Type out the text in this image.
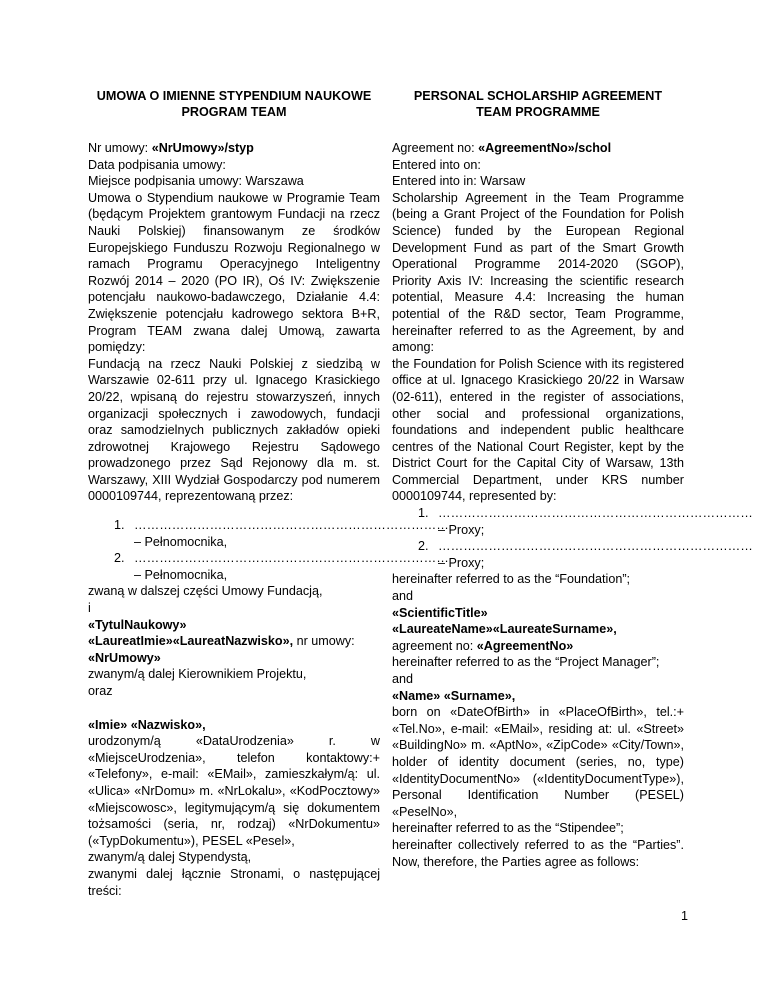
UMOWA O IMIENNE STYPENDIUM NAUKOWE
PROGRAM TEAM

Nr umowy: «NrUmowy»/styp

Data podpisania umowy:

Miejsce podpisania umowy: Warszawa

Umowa o Stypendium naukowe w Programie Team (będącym Projektem grantowym Fundacji na rzecz Nauki Polskiej) finansowanym ze środków Europejskiego Funduszu Rozwoju Regionalnego w ramach Programu Operacyjnego Inteligentny Rozwój 2014 – 2020 (PO IR), Oś IV: Zwiększenie potencjału naukowo-badawczego, Działanie 4.4: Zwiększenie potencjału kadrowego sektora B+R, Program TEAM zwana dalej Umową, zawarta pomiędzy:

Fundacją na rzecz Nauki Polskiej z siedzibą w Warszawie 02-611 przy ul. Ignacego Krasickiego 20/22, wpisaną do rejestru stowarzyszeń, innych organizacji społecznych i zawodowych, fundacji oraz samodzielnych publicznych zakładów opieki zdrowotnej Krajowego Rejestru Sądowego prowadzonego przez Sąd Rejonowy dla m. st. Warszawy, XIII Wydział Gospodarczy pod numerem 0000109744, reprezentowaną przez:

1. …………………………………………………………………
– Pełnomocnika,
2. …………………………………………………………………
– Pełnomocnika,

zwaną w dalszej części Umowy Fundacją,

i

«TytulNaukowy»

«LaureatImie»«LaureatNazwisko», nr umowy:

«NrUmowy»

zwanym/ą dalej Kierownikiem Projektu,

oraz

«Imie» «Nazwisko»,

urodzonym/ą «DataUrodzenia» r. w «MiejsceUrodzenia», telefon kontaktowy:+ «Telefony», e-mail: «EMail», zamieszkałym/ą: ul. «Ulica» «NrDomu» m. «NrLokalu», «KodPocztowy» «Miejscowosc», legitymującym/ą się dokumentem tożsamości (seria, nr, rodzaj) «NrDokumentu» («TypDokumentu»), PESEL «Pesel»,

zwanym/ą dalej Stypendystą,

zwanymi dalej łącznie Stronami, o następującej treści:

PERSONAL SCHOLARSHIP AGREEMENT
TEAM PROGRAMME

Agreement no: «AgreementNo»/schol

Entered into on:

Entered into in: Warsaw

Scholarship Agreement in the Team Programme (being a Grant Project of the Foundation for Polish Science) funded by the European Regional Development Fund as part of the Smart Growth Operational Programme 2014-2020 (SGOP), Priority Axis IV: Increasing the scientific research potential, Measure 4.4: Increasing the human potential of the R&D sector, Team Programme, hereinafter referred to as the Agreement, by and among:

the Foundation for Polish Science with its registered office at ul. Ignacego Krasickiego 20/22 in Warsaw (02-611), entered in the register of associations, other social and professional organizations, foundations and independent public healthcare centres of the National Court Register, kept by the District Court for the Capital City of Warsaw, 13th Commercial Department, under KRS number 0000109744, represented by:

1. …………………………………………………………………
– Proxy;
2. …………………………………………………………………
– Proxy;

hereinafter referred to as the “Foundation”;

and

«ScientificTitle»

«LaureateName»«LaureateSurname»,

agreement no: «AgreementNo»

hereinafter referred to as the “Project Manager”;

and

«Name» «Surname»,

born on «DateOfBirth» in «PlaceOfBirth», tel.:+ «Tel.No», e-mail: «EMail», residing at: ul. «Street» «BuildingNo» m. «AptNo», «ZipCode» «City/Town», holder of identity document (series, no, type) «IdentityDocumentNo» («IdentityDocumentType»), Personal Identification Number (PESEL) «PeselNo»,

hereinafter referred to as the “Stipendee”;

hereinafter collectively referred to as the “Parties”. Now, therefore, the Parties agree as follows:

1
